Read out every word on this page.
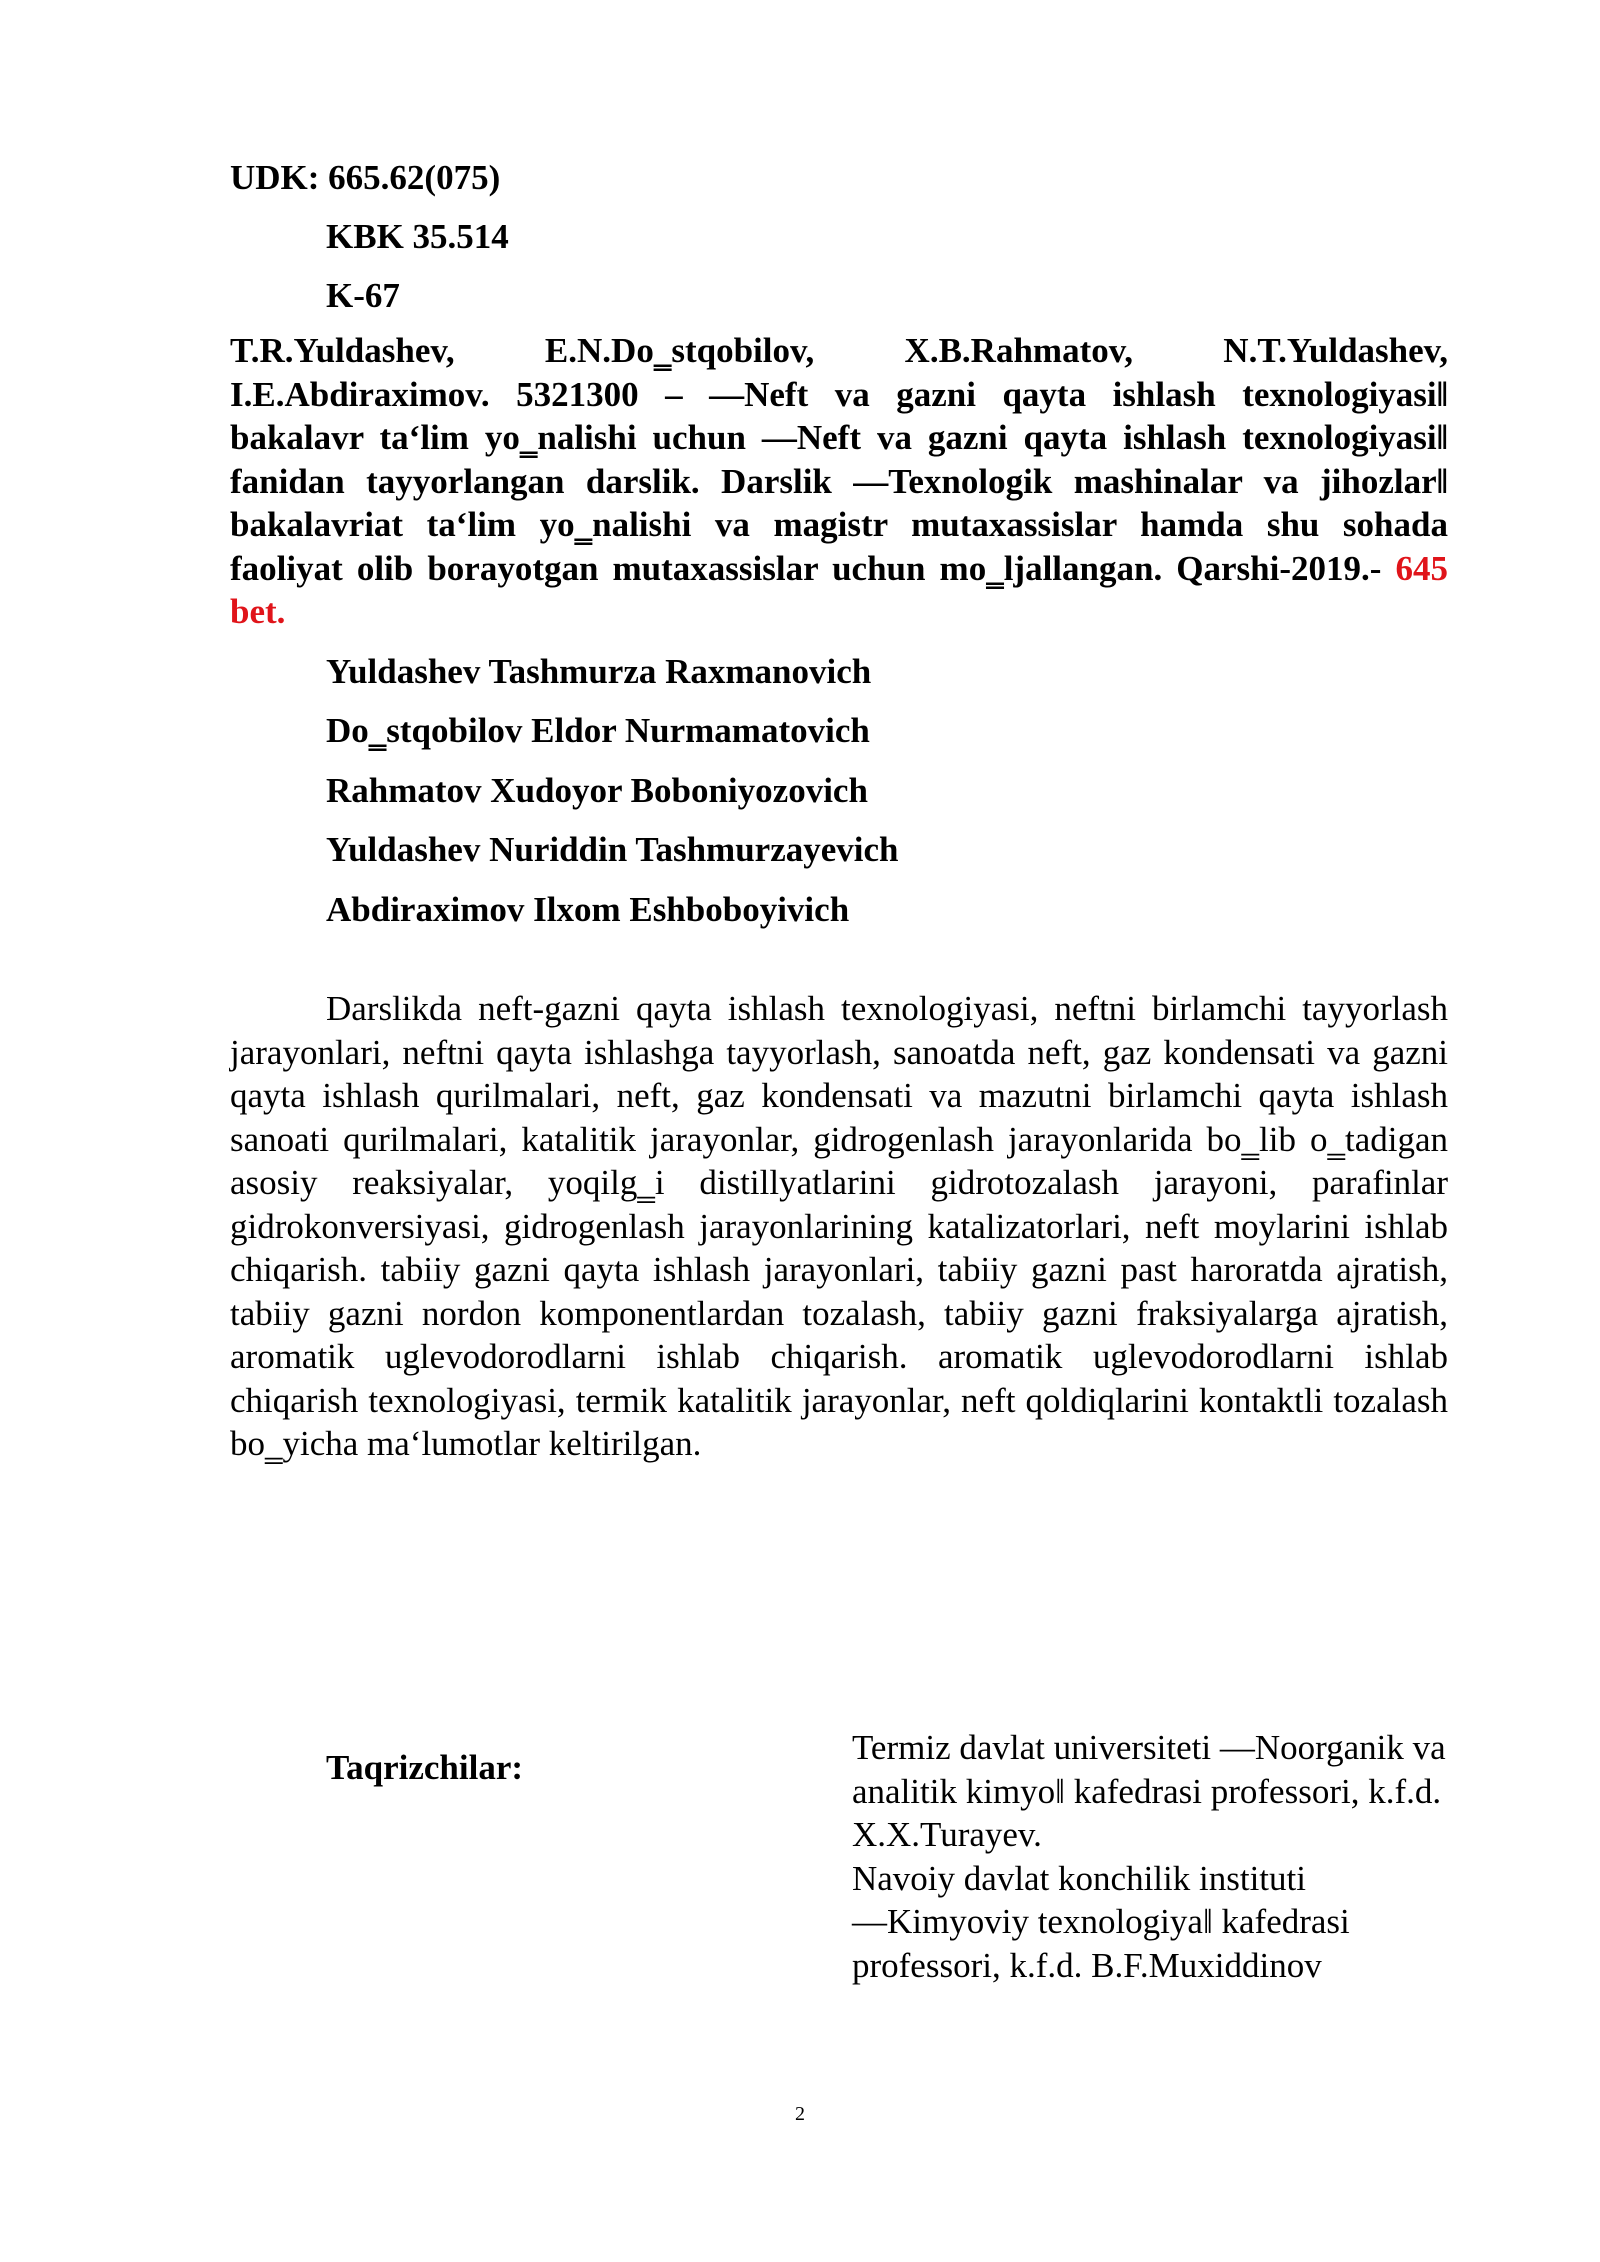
UDK: 665.62(075)

KBK 35.514

K-67

T.R.Yuldashev, E.N.Do‗stqobilov, X.B.Rahmatov, N.T.Yuldashev, I.E.Abdiraximov. 5321300 – ―Neft va gazni qayta ishlash texnologiyasi‖ bakalavr ta‘lim yo‗nalishi uchun ―Neft va gazni qayta ishlash texnologiyasi‖ fanidan tayyorlangan darslik. Darslik ―Texnologik mashinalar va jihozlar‖ bakalavriat ta‘lim yo‗nalishi va magistr mutaxassislar hamda shu sohada faoliyat olib borayotgan mutaxassislar uchun mo‗ljallangan. Qarshi-2019.- 645 bet.

Yuldashev Tashmurza Raxmanovich

Do‗stqobilov Eldor Nurmamatovich

Rahmatov Xudoyor Boboniyozovich

Yuldashev Nuriddin Tashmurzayevich

Abdiraximov Ilxom Eshboboyivich

Darslikda neft-gazni qayta ishlash texnologiyasi, neftni birlamchi tayyorlash jarayonlari, neftni qayta ishlashga tayyorlash, sanoatda neft, gaz kondensati va gazni qayta ishlash qurilmalari, neft, gaz kondensati va mazutni birlamchi qayta ishlash sanoati qurilmalari, katalitik jarayonlar, gidrogenlash jarayonlarida bo‗lib o‗tadigan asosiy reaksiyalar, yoqilg‗i distillyatlarini gidrotozalash jarayoni, parafinlar gidrokonversiyasi, gidrogenlash jarayonlarining katalizatorlari, neft moylarini ishlab chiqarish. tabiiy gazni qayta ishlash jarayonlari, tabiiy gazni past haroratda ajratish, tabiiy gazni nordon komponentlardan tozalash, tabiiy gazni fraksiyalarga ajratish, aromatik uglevodorodlarni ishlab chiqarish. aromatik uglevodorodlarni ishlab chiqarish texnologiyasi, termik katalitik jarayonlar, neft qoldiqlarini kontaktli tozalash bo‗yicha ma‘lumotlar keltirilgan.

Taqrizchilar:
Termiz davlat universiteti ―Noorganik va analitik kimyo‖ kafedrasi professori, k.f.d. X.X.Turayev.
Navoiy davlat konchilik instituti ―Kimyoviy texnologiya‖ kafedrasi professori, k.f.d. B.F.Muxiddinov
2
